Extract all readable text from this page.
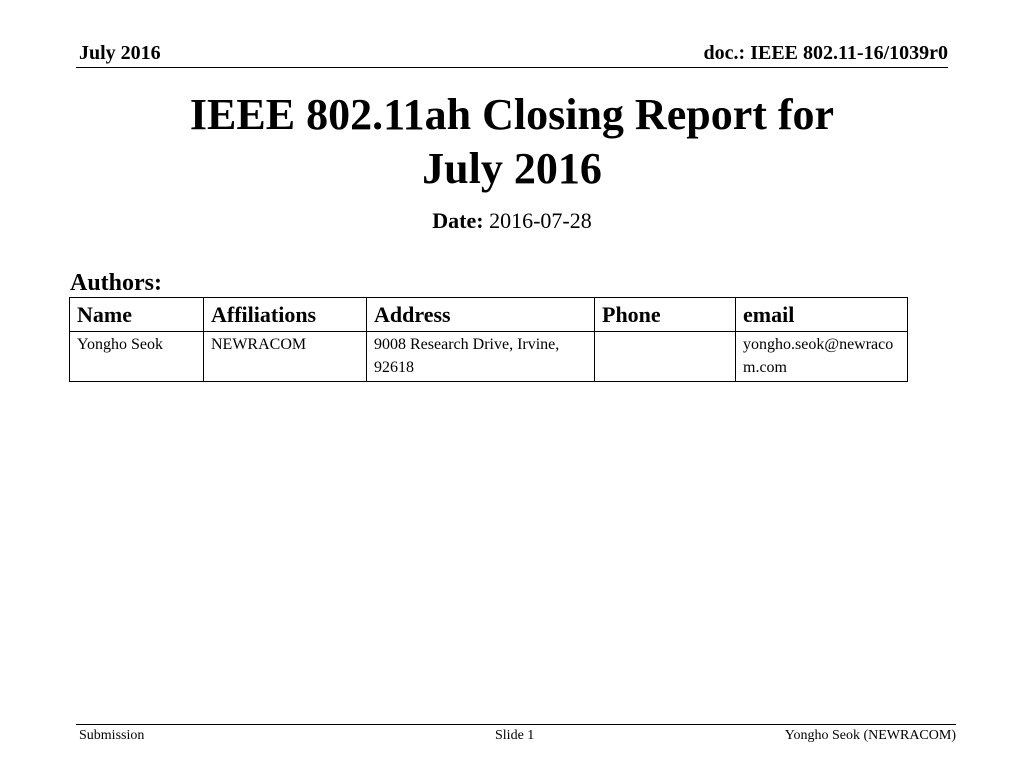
July 2016	doc.: IEEE 802.11-16/1039r0
IEEE 802.11ah Closing Report for
July 2016
Date: 2016-07-28
Authors:
Name	Affiliations	Address	Phone	email
Yongho Seok	NEWRACOM	9008 Research Drive, Irvine, 92618		yongho.seok@newracom.com
Submission	Slide 1	Yongho Seok (NEWRACOM)
